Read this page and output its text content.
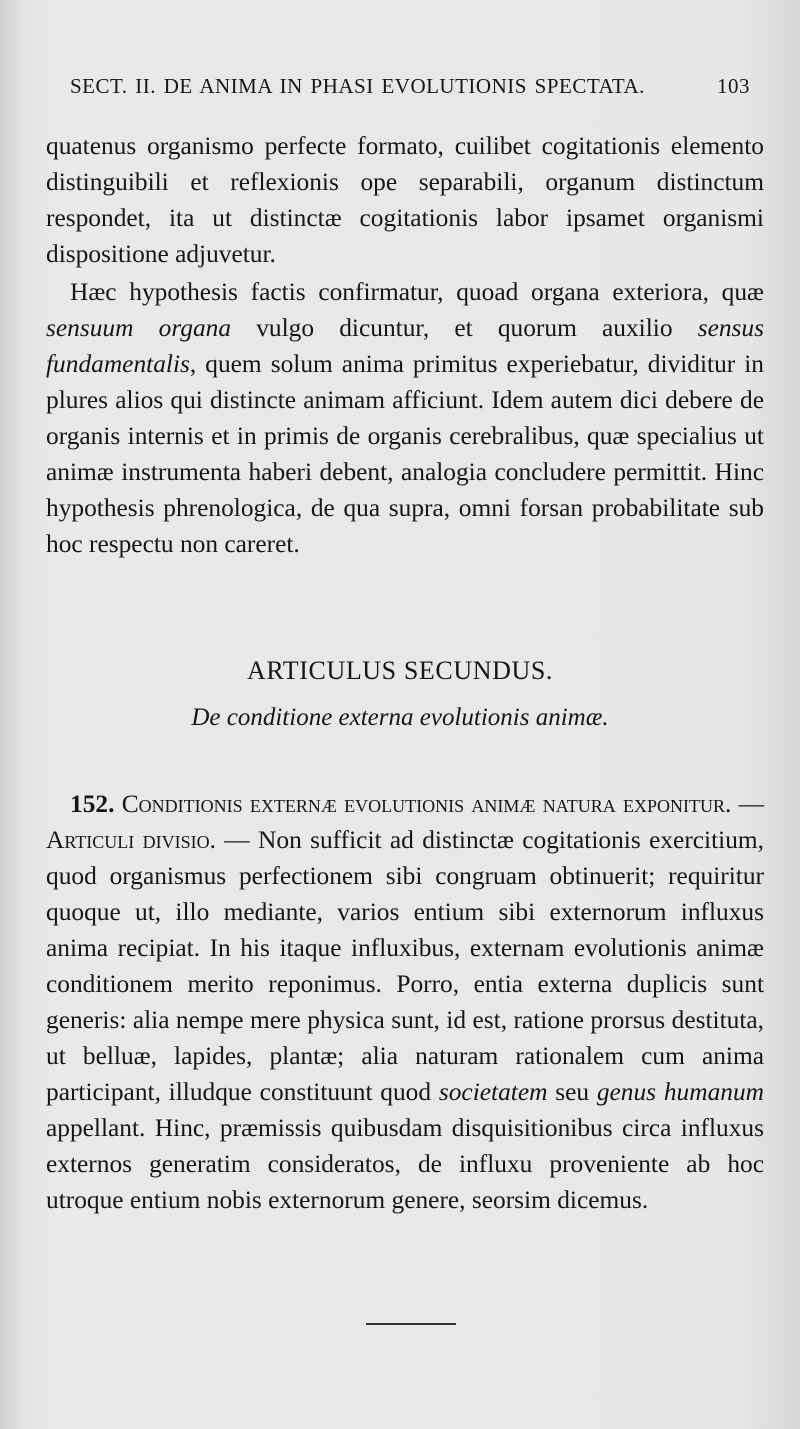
SECT. II. DE ANIMA IN PHASI EVOLUTIONIS SPECTATA.	103

quatenus organismo perfecte formato, cuilibet cogitationis elemento distinguibili et reflexionis ope separabili, organum distinctum respondet, ita ut distinctæ cogitationis labor ipsamet organismi dispositione adjuvetur.

Hæc hypothesis factis confirmatur, quoad organa exteriora, quæ sensuum organa vulgo dicuntur, et quorum auxilio sensus fundamentalis, quem solum anima primitus experiebatur, dividitur in plures alios qui distincte animam afficiunt. Idem autem dici debere de organis internis et in primis de organis cerebralibus, quæ specialius ut animæ instrumenta haberi debent, analogia concludere permittit. Hinc hypothesis phrenologica, de qua supra, omni forsan probabilitate sub hoc respectu non careret.

ARTICULUS SECUNDUS.
De conditione externa evolutionis animæ.

152. Conditionis externæ evolutionis animæ natura exponitur. — Articuli divisio. — Non sufficit ad distinctæ cogitationis exercitium, quod organismus perfectionem sibi congruam obtinuerit; requiritur quoque ut, illo mediante, varios entium sibi externorum influxus anima recipiat. In his itaque influxibus, externam evolutionis animæ conditionem merito reponimus. Porro, entia externa duplicis sunt generis: alia nempe mere physica sunt, id est, ratione prorsus destituta, ut belluæ, lapides, plantæ; alia naturam rationalem cum anima participant, illudque constituunt quod societatem seu genus humanum appellant. Hinc, præmissis quibusdam disquisitionibus circa influxus externos generatim consideratos, de influxu proveniente ab hoc utroque entium nobis externorum genere, seorsim dicemus.
